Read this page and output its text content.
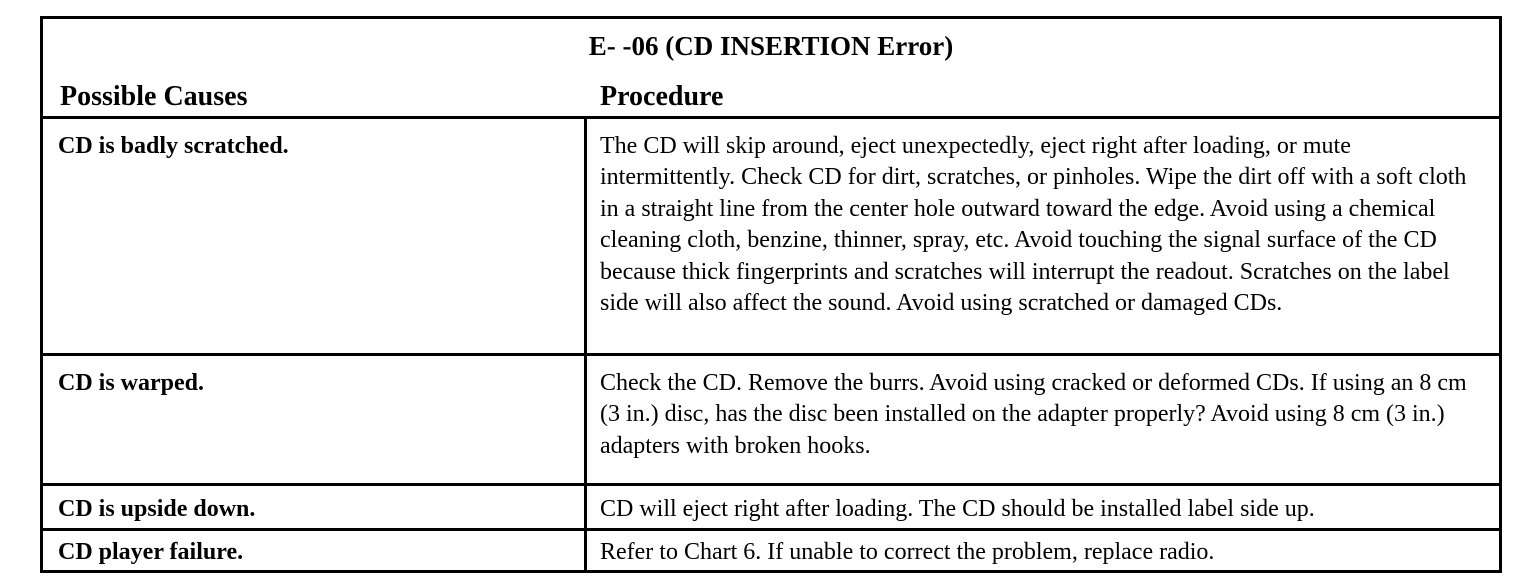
E- -06 (CD INSERTION Error)
Possible Causes	Procedure
CD is badly scratched.	The CD will skip around, eject unexpectedly, eject right after loading, or mute intermittently. Check CD for dirt, scratches, or pinholes. Wipe the dirt off with a soft cloth in a straight line from the center hole outward toward the edge. Avoid using a chemical cleaning cloth, benzine, thinner, spray, etc. Avoid touching the signal surface of the CD because thick fingerprints and scratches will interrupt the readout. Scratches on the label side will also affect the sound. Avoid using scratched or damaged CDs.
CD is warped.	Check the CD. Remove the burrs. Avoid using cracked or deformed CDs. If using an 8 cm (3 in.) disc, has the disc been installed on the adapter properly? Avoid using 8 cm (3 in.) adapters with broken hooks.
CD is upside down.	CD will eject right after loading. The CD should be installed label side up.
CD player failure.	Refer to Chart 6. If unable to correct the problem, replace radio.
